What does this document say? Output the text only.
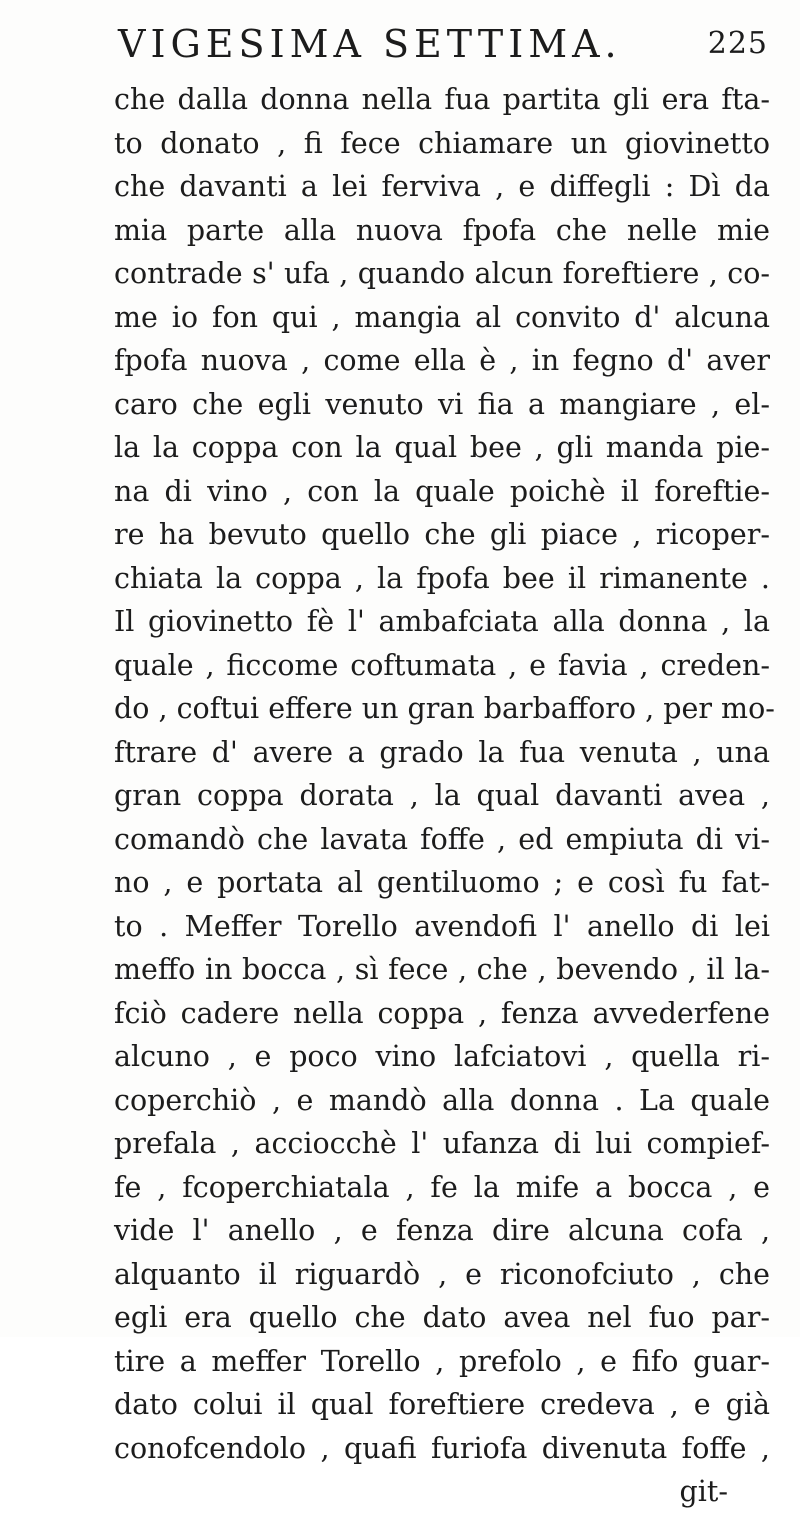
VIGESIMA SETTIMA.	225
che dalla donna nella fua partita gli era fta-
to donato , fi fece chiamare un giovinetto
che davanti a lei ferviva , e diffegli : Dì da
mia parte alla nuova fpofa che nelle mie
contrade s' ufa , quando alcun foreftiere , co-
me io fon qui , mangia al convito d' alcuna
fpofa nuova , come ella è , in fegno d' aver
caro che egli venuto vi fia a mangiare , el-
la la coppa con la qual bee , gli manda pie-
na di vino , con la quale poichè il foreftie-
re ha bevuto quello che gli piace , ricoper-
chiata la coppa , la fpofa bee il rimanente .
Il giovinetto fè l' ambafciata alla donna , la
quale , ficcome coftumata , e favia , creden-
do , coftui effere un gran barbafforo , per mo-
ftrare d' avere a grado la fua venuta , una
gran coppa dorata , la qual davanti avea ,
comandò che lavata foffe , ed empiuta di vi-
no , e portata al gentiluomo ; e così fu fat-
to . Meffer Torello avendofi l' anello di lei
meffo in bocca , sì fece , che , bevendo , il la-
fciò cadere nella coppa , fenza avvederfene
alcuno , e poco vino lafciatovi , quella ri-
coperchiò , e mandò alla donna . La quale
prefala , acciocchè l' ufanza di lui compief-
fe , fcoperchiatala , fe la mife a bocca , e
vide l' anello , e fenza dire alcuna cofa ,
alquanto il riguardò , e riconofciuto , che
egli era quello che dato avea nel fuo par-
tire a meffer Torello , prefolo , e fifo guar-
dato colui il qual foreftiere credeva , e già
conofcendolo , quafi furiofa divenuta foffe ,
git-
